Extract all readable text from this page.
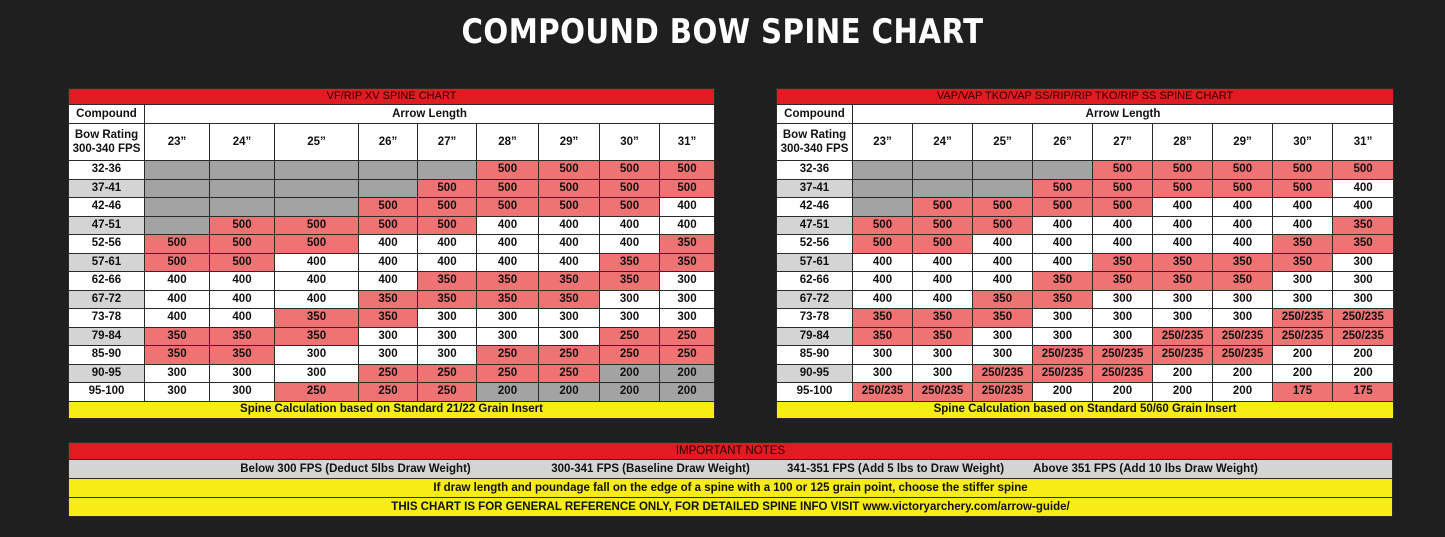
COMPOUND BOW SPINE CHART
VF/RIP XV SPINE CHART									
Compound	Arrow Length								

Bow Rating
300-340 FPS	23”	24”	25”	26”	27”	28”	29”	30”	31”
32-36						500	500	500	500
37-41					500	500	500	500	500
42-46				500	500	500	500	500	400
47-51		500	500	500	500	400	400	400	400
52-56	500	500	500	400	400	400	400	400	350
57-61	500	500	400	400	400	400	400	350	350
62-66	400	400	400	400	350	350	350	350	300
67-72	400	400	400	350	350	350	350	300	300
73-78	400	400	350	350	300	300	300	300	300
79-84	350	350	350	300	300	300	300	250	250
85-90	350	350	300	300	300	250	250	250	250
90-95	300	300	300	250	250	250	250	200	200
95-100	300	300	250	250	250	200	200	200	200
Spine Calculation based on Standard 21/22 Grain Insert									
VAP/VAP TKO/VAP SS/RIP/RIP TKO/RIP SS SPINE CHART									
Compound	Arrow Length								

Bow Rating
300-340 FPS	23”	24”	25”	26”	27”	28”	29”	30”	31”
32-36					500	500	500	500	500
37-41				500	500	500	500	500	400
42-46		500	500	500	500	400	400	400	400
47-51	500	500	500	400	400	400	400	400	350
52-56	500	500	400	400	400	400	400	350	350
57-61	400	400	400	400	350	350	350	350	300
62-66	400	400	400	350	350	350	350	300	300
67-72	400	400	350	350	300	300	300	300	300
73-78	350	350	350	300	300	300	300	250/235	250/235
79-84	350	350	300	300	300	250/235	250/235	250/235	250/235
85-90	300	300	300	250/235	250/235	250/235	250/235	200	200
90-95	300	300	250/235	250/235	250/235	200	200	200	200
95-100	250/235	250/235	250/235	200	200	200	200	175	175
Spine Calculation based on Standard 50/60 Grain Insert									
IMPORTANT NOTES
Below 300 FPS (Deduct 5lbs Draw Weight)	300-341 FPS (Baseline Draw Weight)	341-351 FPS (Add 5 lbs to Draw Weight)	Above 351 FPS (Add 10 lbs Draw Weight)
If draw length and poundage fall on the edge of a spine with a 100 or 125 grain point, choose the stiffer spine
THIS CHART IS FOR GENERAL REFERENCE ONLY, FOR DETAILED SPINE INFO VISIT www.victoryarchery.com/arrow-guide/
